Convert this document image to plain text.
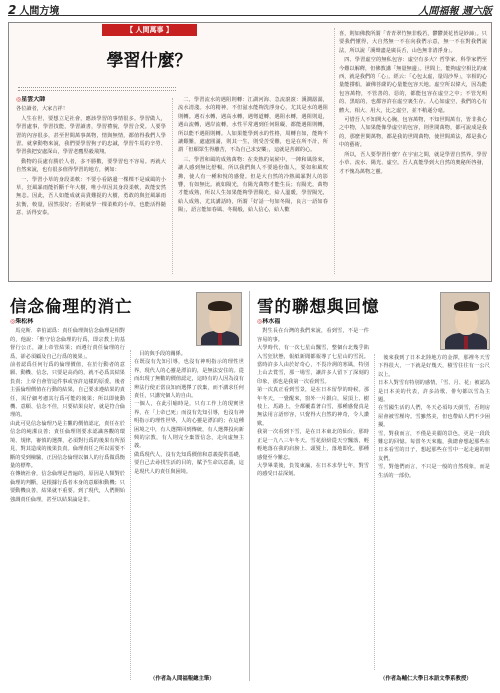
2 人間方境	人間福報 週六版
【 人間萬事 】
學習什麼？
◎星雲大師

各位讀者，大家吉祥！

人生在世，要想立足社會，應該學習的事情很多。學習做人，學習處事，學習技能，學習讀書，學習禮貌，學習合愛。人要學習的內容很多，甚至世間萬事萬物，情與無情，都值得我們人學習。就拿動物來說，我們要學習狗子的忠誠，學習牛馬的辛勞、學習我把安處深山，學習老鷹堅毅飛翔。

動物的長處有勝於人者，多不勝數，要學習也不容易。再就大自然來說，也有很多值得學習的地方，例如：

一、學習小草的身段柔軟：不要小看路邊一棵棵不是威風的小草，狂風暴雨能折斷千年大樹，唯小草因其身段柔軟，故能安然無恙。因此，吾人如能成就高貴難捉的大樹，勇敢的與狂風暴雨抗衡，較量，固然很好；否則就學一棵柔軟的小草，也能活得隨意、活得安泰。

二、學習流水的遇阻則轉：江湖河海、急流滾滾：溪澗潺潺，流水清淺。水的精神，不但滋水能夠洗淨身心，尤其是水的遇阻則轉。遇石水轉，遇高水轉，遇彎道轉，遇阻水轉，遇阻則退，遇山流轉，遇岸流轉，水性平常遇到任何阻礙，都能遇阻則轉，所以能不遇阻則轉。人如果能學到水的性格，周轉自如，能夠不讓艱難，處處圓滿，則其一生，則受苦受難，也是在所不計，所謂「但願眾生得離苦，不為自己求安樂」，這就是菩薩的心。

三、學習和風的成熟萬物：在炎熱的氣候中，一陣和風徐來，讓人感到無比舒暢。所以我們與人不要過份傷人，要如和風吹拂，使人有一種和悅的感覺。但是大自然的冷熱風暴對人的影響，有如無比。就如陽光，有陽光萬物才能生長；有陽光，萬物才能成熟，所以人生如果能夠學習陽光，給人溫暖，學習陽光，給人成熟，尤其講話時，所謂「好話一句如冬陽，良言一語如春陽」，語言能如春風、冬陽般，給人信心，給人歡

喜，則如佛教所謂「青青翠竹無非般若，鬱鬱黃花皆是妙諦」。只要我們懂得，大自然無一不在向我們示意，無一不在對我們說法，所以說「溪聲盡是廣長舌，山色無非清淨身」。

四、學習虛空的無私包容：虛空有多大？哲學家、科學家們至今難以解釋，但佛教講「無量無邊」。世間上，能夠虛空相比的東西，就是我們的「心」。經云：「心包太虛，量周沙界」，宰相的心量能撐船，讀佛菩薩的心量能包容天地。虛空所以偉大，因為能包容萬物，不管善的、惡的，都能包容在虛空之中；不管光明的、黑暗的，也都容許在虛空裏生存。人心如虛空，我們的心有體大、相大、用大，比之虛空，並不稍遜分毫。

可惜吾人不知開大心胸，包容萬物，不知世間萬有，皆非我心之中物，人如果能像學虛空的包容，則世間萬物，都可說成是我的，那麼世間萬物，都是我的世間萬物，使世間萬法，都是我心中的藝術。

所以，吾人要學習什麼？在宇宙之間，就是學習自然界，學習小草、流水、陽光、虛空。吾人真能學到大自然的奧秘所啓發，才不愧為萬物之靈。

信念倫理的消亡
◎柴松林
馬克斯．韋伯認爲：責任倫理與信念倫理是相對的，他說：「惟守信念倫理的行爲，即宗教上的基督行公正，讓上帝管結果；而遵行責任倫理的行爲，卻必須顧及自己行爲的後果」。
前者認爲任何行爲的倫理價值，在於行動者的意願、動機、信念，只要是高尚的，就不必爲其結果負責；上帝自會管這件事或容許這樣的原委。後者主張倫理價值在行動的結果，自己要求遵結果的責任，需仔細考慮其行爲可能的後果；所以即使動機、意願、信念不佳，只要結果良好，就是符合倫理的。
由此可見信念倫理乃是主觀的價值認定，責任在於信念的純潔良善；責任倫理則要求認識客觀的環境、規律，審慎的選擇，必須對行爲的後果有所預見，對其造成的後果負責。倫理責任之所以需要不斷的受到檢驗，正因信念倫理以個人的行爲做爲衡量的標準。
在傳統社會，信念倫理是普遍的，原因是人類對於倫理的判斷，是根據行爲者本身的意願和動機；只要動機良善，結果就不重要。到了現代，人們開始強調責任倫理，甚至以結果論是非。
目的與手段的關係。
在既沒有先知引導，也沒有神明指示的理性世界，現代人的心靈是漂泊的，是無法安住的。從而出現了無數的價值認定，這時有的人因為沒有辨法行使正當良知而選擇了放棄，而不講求任何責任，只講究個人的自由。
一個人，在此引喻時是，只有工作上的現實世界，在「上帝已死」而沒有先知引導，也沒有神明指示的理性世界，人的心靈是漂泊的；在這種困境之中，有人選擇回到傳統，有人選擇投向新興的宗教，有人則完全棄置信念，走向虛無主義。
做爲現代人，沒有先知爲價值和意義提供基礎，要自己去尋找生活的目的，賦予生命以意義，這是現代人的責任與困境。
（作者為人間福報總主筆）
雪的聯想與回憶
◎林水福
對生長在台灣的我們來說，看到雪，不是一件容易的事。
大學時代，有一次七星山飄雪，整個台北幾乎陷入雪狂狀態，報紙新聞都報導了七星山的雪況。當時許多人由於好奇心，不畏冷冽的寒風，特別上山去賞雪，那一場雪，讓許多人留下了深刻的印象，那也是我第一次看到雪。
第一次真正看到雪景，是在日本留學的時候。那年冬天，一覺醒來，窗外一片銀白，屋頂上、樹枝上、馬路上，全都覆蓋著白雪，那種感覺真是無法用言語形容，只覺得大自然的神奇，令人讚歎。
我第一次看到下雪，是在日本東北的仙台，那時正是一九八三年冬天。雪花紛紛從天空飄落，輕輕地落在我的肩膀上、頭髮上，落地即化，那種感覺至今難忘。
大學畢業後，負笈東瀛，在日本求學七年，對雪的感受日益深刻。
後來我到了日本北陸地方的金澤，那裡冬天雪下得很大，一下就是好幾天，積雪往往有一公尺以上。
日本人對雪有特別的感情，「雪、月、花」被認為是日本美的代表，許多詩歌、俳句都以雪為主題。
在雪國生活的人們，冬天必須每天剷雪，否則房屋會被雪壓垮。雪雖然美，但也帶給人們不少困擾。
雪，對我而言，不僅是美麗的景色，更是一段段難忘的回憶。每當冬天來臨，我總會想起那些在日本看雪的日子，想起那些在雪中一起走過的朋友們。
雪，對他們而言，不只是一般的自然現象，而是生活的一部份。
（作者為輔仁大學日本語文學系教授）
